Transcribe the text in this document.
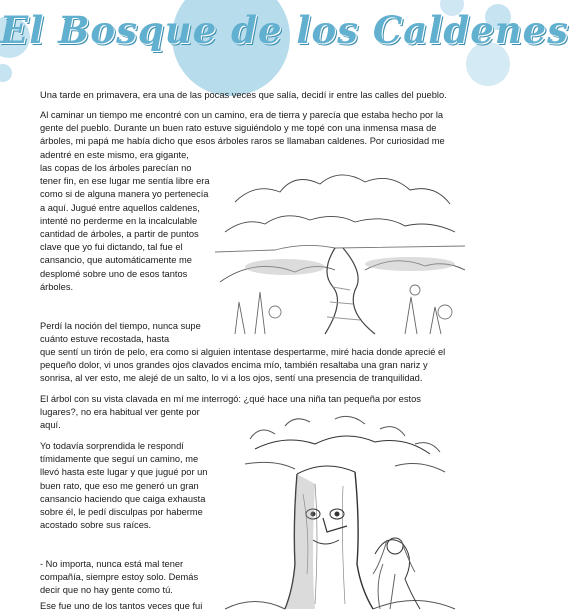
El Bosque de los Caldenes

Una tarde en primavera, era una de las pocas veces que salía, decidí ir entre las calles del pueblo.

Al caminar un tiempo me encontré con un camino, era de tierra y parecía que estaba hecho por la gente del pueblo. Durante un buen rato estuve siguiéndolo y me topé con una inmensa masa de árboles, mi papá me había dicho que esos árboles raros se llamaban caldenes. Por curiosidad me adentré en este mismo, era gigante,

las copas de los árboles parecían no tener fin, en ese lugar me sentía libre era como si de alguna manera yo pertenecía a aquí. Jugué entre aquellos caldenes, intenté no perderme en la incalculable cantidad de árboles, a partir de puntos clave que yo fui dictando, tal fue el cansancio, que automáticamente me desplomé sobre uno de esos tantos árboles.

Perdí la noción del tiempo, nunca supe cuánto estuve recostada, hasta

que sentí un tirón de pelo, era como si alguien intentase despertarme, miré hacia donde aprecié el pequeño dolor, vi unos grandes ojos clavados encima mío, también resaltaba una gran nariz y sonrisa, al ver esto, me alejé de un salto, lo vi a los ojos, sentí una presencia de tranquilidad.

El árbol con su vista clavada en mí me interrogó: ¿qué hace una niña tan pequeña por estos

lugares?, no era habitual ver gente por aquí.

Yo todavía sorprendida le respondí tímidamente que seguí un camino, me llevó hasta este lugar y que jugué por un buen rato, que eso me generó un gran cansancio haciendo que caiga exhausta sobre él, le pedí disculpas por haberme acostado sobre sus raíces.

- No importa, nunca está mal tener compañía, siempre estoy solo. Demás decir que no hay gente como tú.

Ese fue uno de los tantos veces que fui
